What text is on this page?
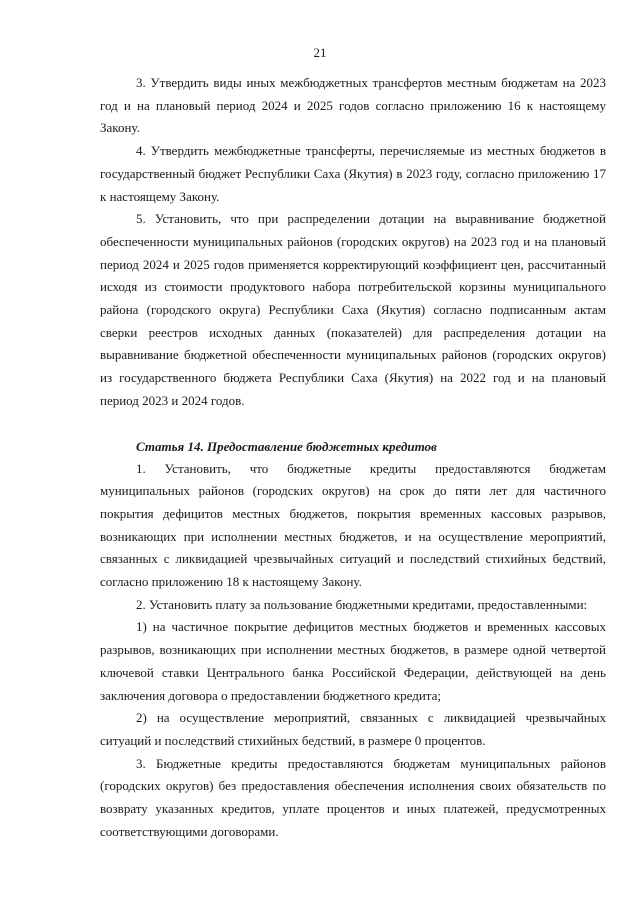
21

3. Утвердить виды иных межбюджетных трансфертов местным бюджетам на 2023 год и на плановый период 2024 и 2025 годов согласно приложению 16 к настоящему Закону.

4. Утвердить межбюджетные трансферты, перечисляемые из местных бюджетов в государственный бюджет Республики Саха (Якутия) в 2023 году, согласно приложению 17 к настоящему Закону.

5. Установить, что при распределении дотации на выравнивание бюджетной обеспеченности муниципальных районов (городских округов) на 2023 год и на плановый период 2024 и 2025 годов применяется корректирующий коэффициент цен, рассчитанный исходя из стоимости продуктового набора потребительской корзины муниципального района (городского округа) Республики Саха (Якутия) согласно подписанным актам сверки реестров исходных данных (показателей) для распределения дотации на выравнивание бюджетной обеспеченности муниципальных районов (городских округов) из государственного бюджета Республики Саха (Якутия) на 2022 год и на плановый период 2023 и 2024 годов.

Статья 14. Предоставление бюджетных кредитов

1. Установить, что бюджетные кредиты предоставляются бюджетам муниципальных районов (городских округов) на срок до пяти лет для частичного покрытия дефицитов местных бюджетов, покрытия временных кассовых разрывов, возникающих при исполнении местных бюджетов, и на осуществление мероприятий, связанных с ликвидацией чрезвычайных ситуаций и последствий стихийных бедствий, согласно приложению 18 к настоящему Закону.

2. Установить плату за пользование бюджетными кредитами, предоставленными:

1) на частичное покрытие дефицитов местных бюджетов и временных кассовых разрывов, возникающих при исполнении местных бюджетов, в размере одной четвертой ключевой ставки Центрального банка Российской Федерации, действующей на день заключения договора о предоставлении бюджетного кредита;

2) на осуществление мероприятий, связанных с ликвидацией чрезвычайных ситуаций и последствий стихийных бедствий, в размере 0 процентов.

3. Бюджетные кредиты предоставляются бюджетам муниципальных районов (городских округов) без предоставления обеспечения исполнения своих обязательств по возврату указанных кредитов, уплате процентов и иных платежей, предусмотренных соответствующими договорами.
